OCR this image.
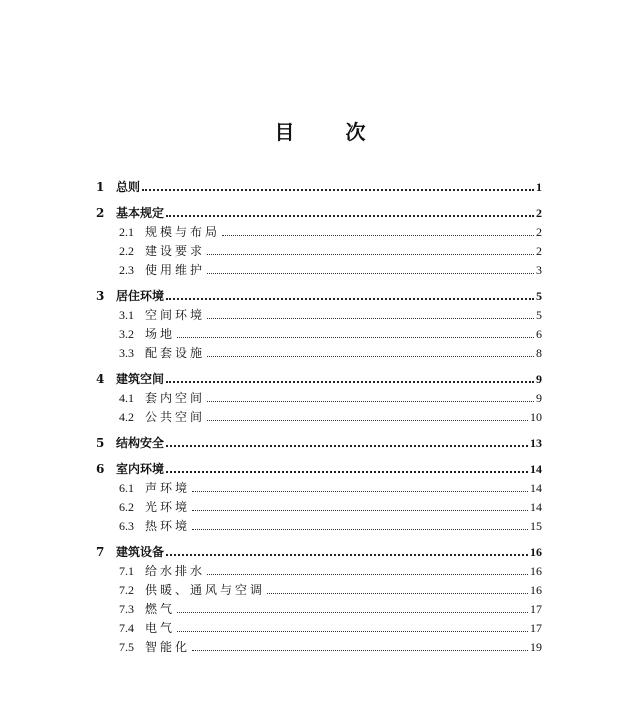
目 次
1 总则	1
2 基本规定	2
2.1 规模与布局	2
2.2 建设要求	2
2.3 使用维护	3
3 居住环境	5
3.1 空间环境	5
3.2 场地	6
3.3 配套设施	8
4 建筑空间	9
4.1 套内空间	9
4.2 公共空间	10
5 结构安全	13
6 室内环境	14
6.1 声环境	14
6.2 光环境	14
6.3 热环境	15
7 建筑设备	16
7.1 给水排水	16
7.2 供暖、通风与空调	16
7.3 燃气	17
7.4 电气	17
7.5 智能化	19
